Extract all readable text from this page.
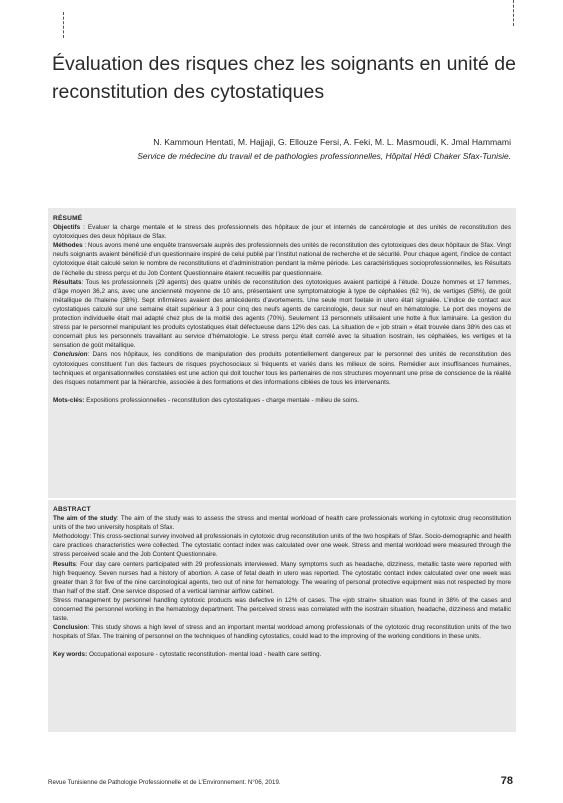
Évaluation des risques chez les soignants en unité de reconstitution des cytostatiques
N. Kammoun Hentati, M. Hajjaji, G. Ellouze Fersi, A. Feki, M. L. Masmoudi, K. Jmal Hammami
Service de médecine du travail et de pathologies professionnelles, Hôpital Hédi Chaker Sfax-Tunisie.
RÉSUMÉ

Objectifs : Evaluer la charge mentale et le stress des professionnels des hôpitaux de jour et internés de cancérologie et des unités de reconstitution des cytotoxiques des deux hôpitaux de Sfax.

Méthodes : Nous avons mené une enquête transversale auprès des professionnels des unités de reconstitution des cytotoxiques des deux hôpitaux de Sfax. Vingt neufs soignants avaient bénéficié d’un questionnaire inspiré de celui publié par l’institut national de recherche et de sécurité. Pour chaque agent, l’indice de contact cytotoxique était calculé selon le nombre de reconstitutions et d’administration pendant la même période. Les caractéristiques socioprofessionnelles, les Résultats de l’échelle du stress perçu et du Job Content Questionnaire étaient recueillis par questionnaire.

Résultats: Tous les professionnels (29 agents) des quatre unités de reconstitution des cytotoxiques avaient participé à l’étude. Douze hommes et 17 femmes, d’âge moyen 36,2 ans, avec une ancienneté moyenne de 10 ans, présentaient une symptomatologie à type de céphalées (62 %), de vertiges (58%), de goût métallique de l’haleine (38%). Sept infirmières avaient des antécédents d’avortements. Une seule mort foetale in utero était signalée. L’indice de contact aux cytostatiques calculé sur une semaine était supérieur à 3 pour cinq des neufs agents de carcinologie, deux sur neuf en hématologie. Le port des moyens de protection individuelle était mal adapté chez plus de la moitié des agents (70%). Seulement 13 personnels utilisaient une hotte à flux laminaire. La gestion du stress par le personnel manipulant les produits cytostatiques était défectueuse dans 12% des cas. La situation de « job strain » était trouvée dans 38% des cas et concernait plus les personnels travaillant au service d’hématologie. Le stress perçu était corrélé avec la situation isostrain, les céphalées, les vertiges et la sensation de goût métallique.

Conclusion: Dans nos hôpitaux, les conditions de manipulation des produits potentiellement dangereux par le personnel des unités de reconstitution des cytotoxiques constituent l’un des facteurs de risques psychosociaux si fréquents et variés dans les milieux de soins. Remédier aux insuffisances humaines, techniques et organisationnelles constatées est une action qui doit toucher tous les partenaires de nos structures moyennant une prise de conscience de la réalité des risques notamment par la hiérarchie, associée à des formations et des informations ciblées de tous les intervenants.

Mots-clés: Expositions professionnelles - reconstitution des cytostatiques - charge mentale - milieu de soins.

ABSTRACT

The aim of the study: The aim of the study was to assess the stress and mental workload of health care professionals working in cytotoxic drug reconstitution units of the two university hospitals of Sfax.

Methodology: This cross-sectional survey involved all professionals in cytotoxic drug reconstitution units of the two hospitals of Sfax. Socio-demographic and health care practices characteristics were collected. The cytostatic contact index was calculated over one week. Stress and mental workload were measured through the stress perceived scale and the Job Content Questionnaire.

Results: Four day care centers participated with 29 professionals interviewed. Many symptoms such as headache, dizziness, metallic taste were reported with high frequency. Seven nurses had a history of abortion. A case of fetal death in utero was reported. The cytostatic contact index calculated over one week was greater than 3 for five of the nine carcinological agents, two out of nine for hematology. The wearing of personal protective equipment was not respected by more than half of the staff. One service disposed of a vertical laminar airflow cabinet.

Stress management by personnel handling cytotoxic products was defective in 12% of cases. The «job strain» situation was found in 38% of the cases and concerned the personnel working in the hematology department. The perceived stress was correlated with the isostrain situation, headache, dizziness and metallic taste.

Conclusion: This study shows a high level of stress and an important mental workload among professionals of the cytotoxic drug reconstitution units of the two hospitals of Sfax. The training of personnel on the techniques of handling cytostatics, could lead to the improving of the working conditions in these units.

Key words: Occupational exposure - cytostatic reconstitution- mental load - health care setting.

Revue Tunisienne de Pathologie Professionnelle et de L’Environnement. N°06, 2019.	78
